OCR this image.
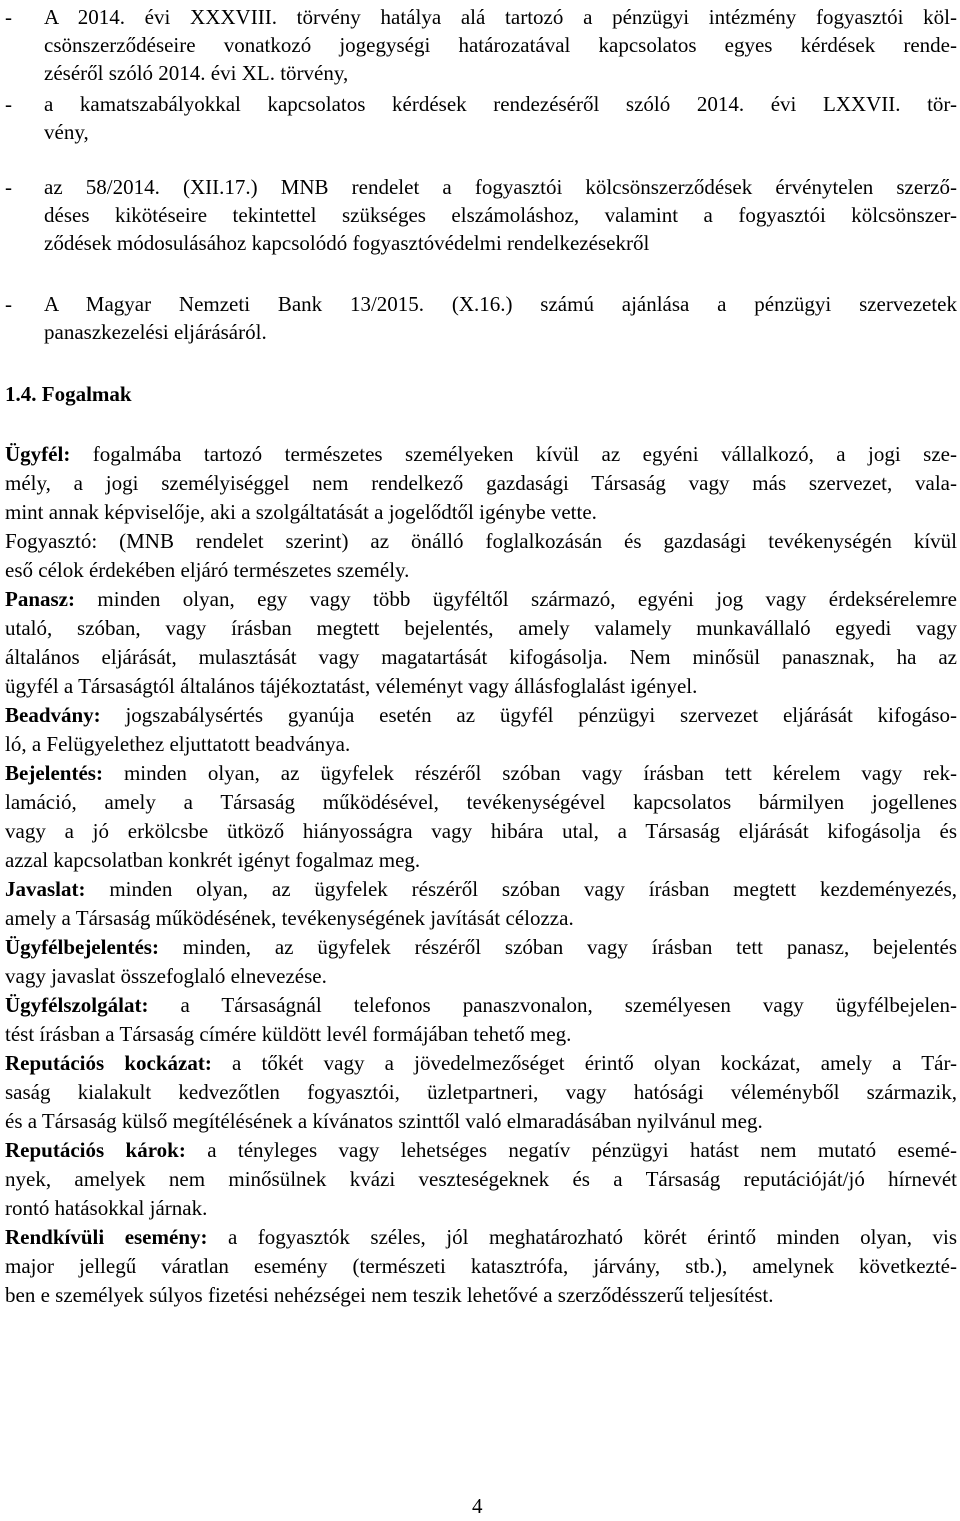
- A 2014. évi XXXVIII. törvény hatálya alá tartozó a pénzügyi intézmény fogyasztói köl-
csönszerződéseire vonatkozó jogegységi határozatával kapcsolatos egyes kérdések rende-
zéséről szóló 2014. évi XL. törvény,
- a kamatszabályokkal kapcsolatos kérdések rendezéséről szóló 2014. évi LXXVII. tör-
vény,
- az 58/2014. (XII.17.) MNB rendelet a fogyasztói kölcsönszerződések érvénytelen szerző-
déses kikötéseire tekintettel szükséges elszámoláshoz, valamint a fogyasztói kölcsönszer-
ződések módosulásához kapcsolódó fogyasztóvédelmi rendelkezésekről
- A Magyar Nemzeti Bank 13/2015. (X.16.) számú ajánlása a pénzügyi szervezetek
panaszkezelési eljárásáról.
1.4. Fogalmak
Ügyfél: fogalmába tartozó természetes személyeken kívül az egyéni vállalkozó, a jogi sze-
mély, a jogi személyiséggel nem rendelkező gazdasági Társaság vagy más szervezet, vala-
mint annak képviselője, aki a szolgáltatását a jogelődtől igénybe vette.
Fogyasztó: (MNB rendelet szerint) az önálló foglalkozásán és gazdasági tevékenységén kívül
eső célok érdekében eljáró természetes személy.
Panasz: minden olyan, egy vagy több ügyféltől származó, egyéni jog vagy érdeksérelemre
utaló, szóban, vagy írásban megtett bejelentés, amely valamely munkavállaló egyedi vagy
általános eljárását, mulasztását vagy magatartását kifogásolja. Nem minősül panasznak, ha az
ügyfél a Társaságtól általános tájékoztatást, véleményt vagy állásfoglalást igényel.
Beadvány: jogszabálysértés gyanúja esetén az ügyfél pénzügyi szervezet eljárását kifogáso-
ló, a Felügyelethez eljuttatott beadványa.
Bejelentés: minden olyan, az ügyfelek részéről szóban vagy írásban tett kérelem vagy rek-
lamáció, amely a Társaság működésével, tevékenységével kapcsolatos bármilyen jogellenes
vagy a jó erkölcsbe ütköző hiányosságra vagy hibára utal, a Társaság eljárását kifogásolja és
azzal kapcsolatban konkrét igényt fogalmaz meg.
Javaslat: minden olyan, az ügyfelek részéről szóban vagy írásban megtett kezdeményezés,
amely a Társaság működésének, tevékenységének javítását célozza.
Ügyfélbejelentés: minden, az ügyfelek részéről szóban vagy írásban tett panasz, bejelentés
vagy javaslat összefoglaló elnevezése.
Ügyfélszolgálat: a Társaságnál telefonos panaszvonalon, személyesen vagy ügyfélbejelen-
tést írásban a Társaság címére küldött levél formájában tehető meg.
Reputációs kockázat: a tőkét vagy a jövedelmezőséget érintő olyan kockázat, amely a Tár-
saság kialakult kedvezőtlen fogyasztói, üzletpartneri, vagy hatósági véleményből származik,
és a Társaság külső megítélésének a kívánatos szinttől való elmaradásában nyilvánul meg.
Reputációs károk: a tényleges vagy lehetséges negatív pénzügyi hatást nem mutató esemé-
nyek, amelyek nem minősülnek kvázi veszteségeknek és a Társaság reputációját/jó hírnevét
rontó hatásokkal járnak.
Rendkívüli esemény: a fogyasztók széles, jól meghatározható körét érintő minden olyan, vis
major jellegű váratlan esemény (természeti katasztrófa, járvány, stb.), amelynek következté-
ben e személyek súlyos fizetési nehézségei nem teszik lehetővé a szerződésszerű teljesítést.
4
